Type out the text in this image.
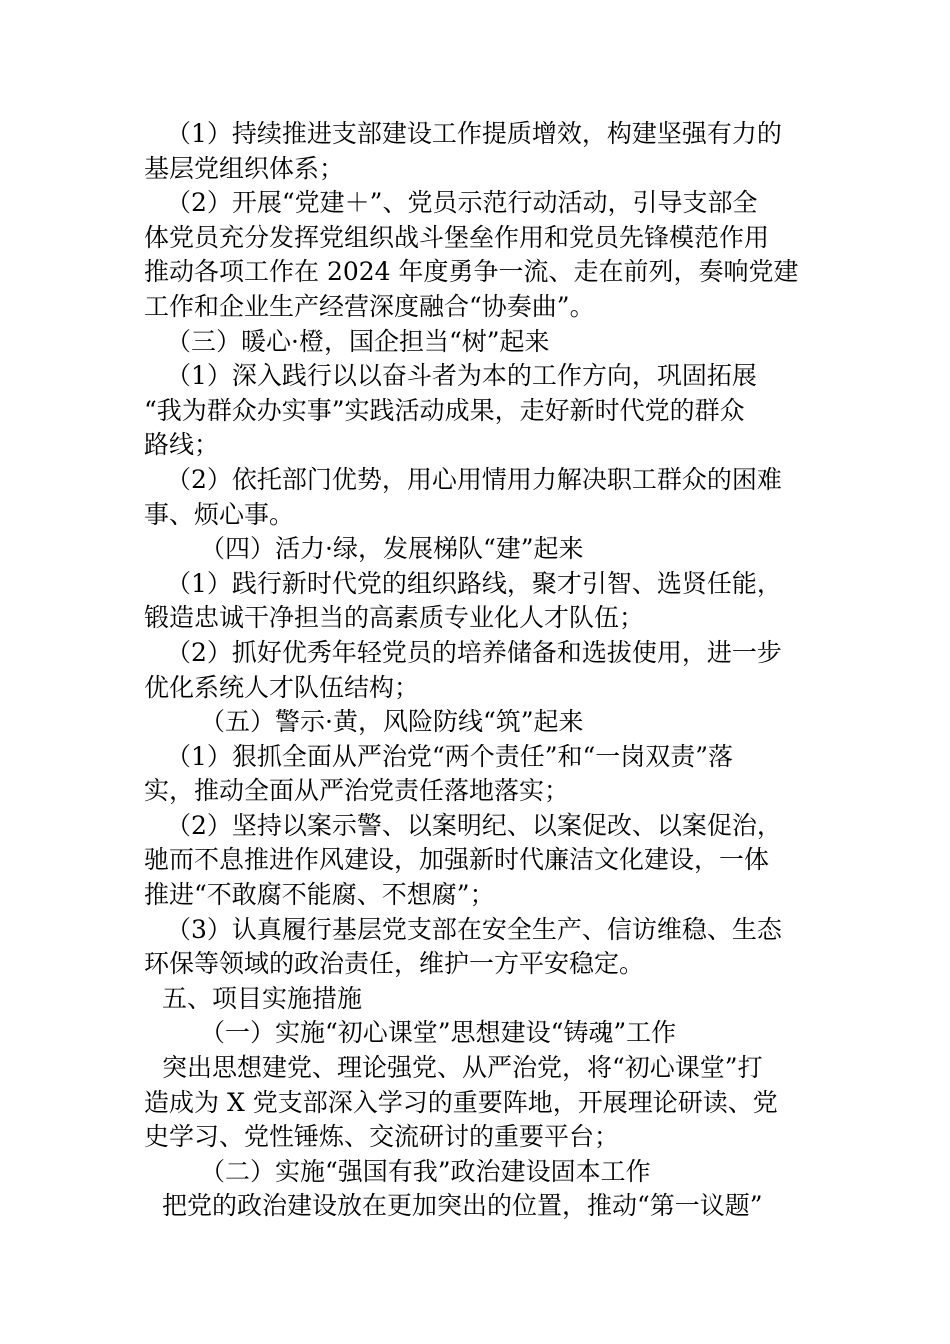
（1）持续推进支部建设工作提质增效，构建坚强有力的
基层党组织体系；
（2）开展“党建＋”、党员示范行动活动，引导支部全
体党员充分发挥党组织战斗堡垒作用和党员先锋模范作用
推动各项工作在 2024 年度勇争一流、走在前列，奏响党建
工作和企业生产经营深度融合“协奏曲”。
（三）暖心·橙，国企担当“树”起来
（1）深入践行以以奋斗者为本的工作方向，巩固拓展
“我为群众办实事”实践活动成果，走好新时代党的群众
路线；
（2）依托部门优势，用心用情用力解决职工群众的困难
事、烦心事。
（四）活力·绿，发展梯队“建”起来
（1）践行新时代党的组织路线，聚才引智、选贤任能，
锻造忠诚干净担当的高素质专业化人才队伍；
（2）抓好优秀年轻党员的培养储备和选拔使用，进一步
优化系统人才队伍结构；
（五）警示·黄，风险防线“筑”起来
（1）狠抓全面从严治党“两个责任”和“一岗双责”落
实，推动全面从严治党责任落地落实；
（2）坚持以案示警、以案明纪、以案促改、以案促治，
驰而不息推进作风建设，加强新时代廉洁文化建设，一体
推进“不敢腐不能腐、不想腐”；
（3）认真履行基层党支部在安全生产、信访维稳、生态
环保等领域的政治责任，维护一方平安稳定。
五、项目实施措施
（一）实施“初心课堂”思想建设“铸魂”工作
突出思想建党、理论强党、从严治党，将“初心课堂”打
造成为 X 党支部深入学习的重要阵地，开展理论研读、党
史学习、党性锤炼、交流研讨的重要平台；
（二）实施“强国有我”政治建设固本工作
把党的政治建设放在更加突出的位置，推动“第一议题”
